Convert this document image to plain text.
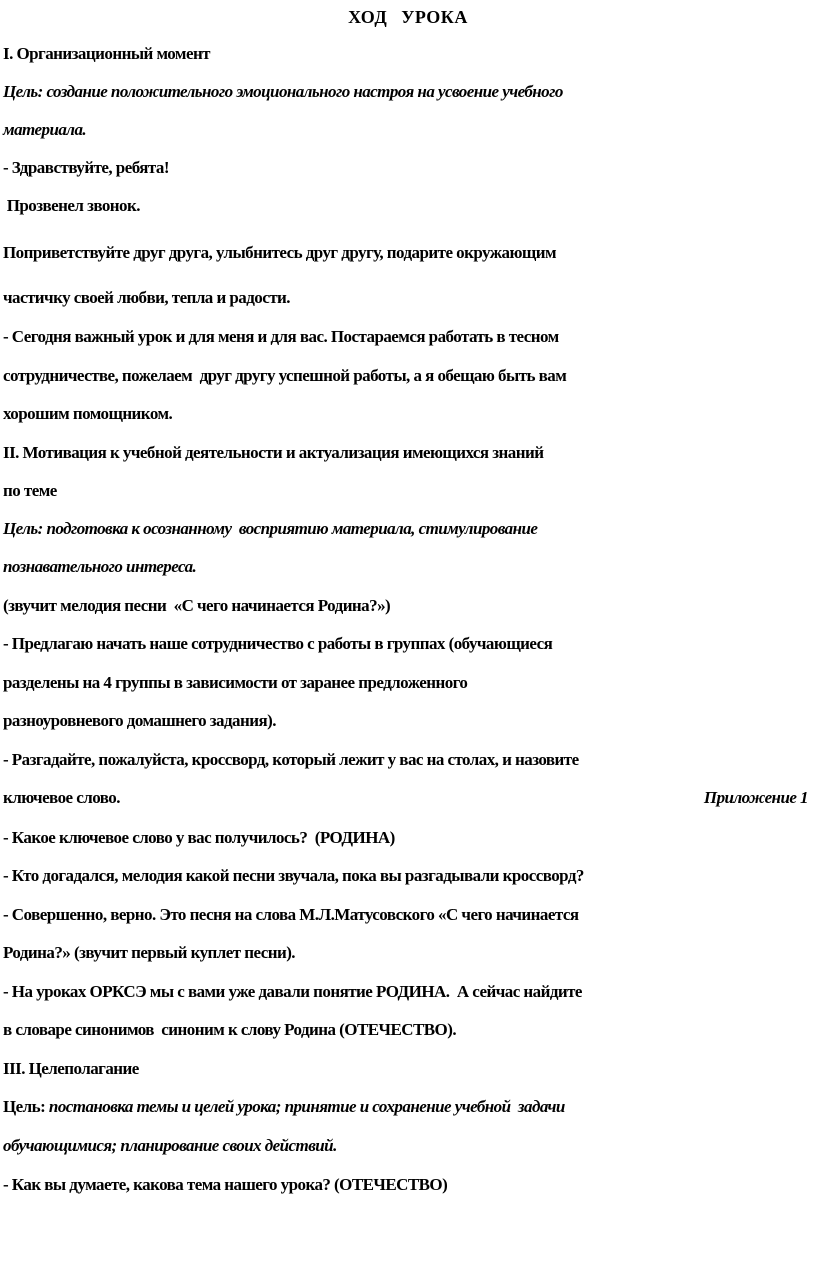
ХОД УРОКА
I. Организационный момент
Цель: создание положительного эмоционального настроя на усвоение учебного
материала.
- Здравствуйте, ребята!
Прозвенел звонок.
Поприветствуйте друг друга, улыбнитесь друг другу, подарите окружающим
частичку своей любви, тепла и радости.
- Сегодня важный урок и для меня и для вас. Постараемся работать в тесном
сотрудничестве, пожелаем  друг другу успешной работы, а я обещаю быть вам
хорошим помощником.
II. Мотивация к учебной деятельности и актуализация имеющихся знаний
по теме
Цель: подготовка к осознанному  восприятию материала, стимулирование
познавательного интереса.
(звучит мелодия песни  «С чего начинается Родина?»)
- Предлагаю начать наше сотрудничество с работы в группах (обучающиеся
разделены на 4 группы в зависимости от заранее предложенного
разноуровневого домашнего задания).
- Разгадайте, пожалуйста, кроссворд, который лежит у вас на столах, и назовите
ключевое слово.	Приложение 1
- Какое ключевое слово у вас получилось?  (РОДИНА)
- Кто догадался, мелодия какой песни звучала, пока вы разгадывали кроссворд?
- Совершенно, верно. Это песня на слова М.Л.Матусовского «С чего начинается
Родина?» (звучит первый куплет песни).
- На уроках ОРКСЭ мы с вами уже давали понятие РОДИНА.  А сейчас найдите
в словаре синонимов  синоним к слову Родина (ОТЕЧЕСТВО).
III. Целеполагание
Цель: постановка темы и целей урока; принятие и сохранение учебной  задачи
обучающимися; планирование своих действий.
- Как вы думаете, какова тема нашего урока? (ОТЕЧЕСТВО)
